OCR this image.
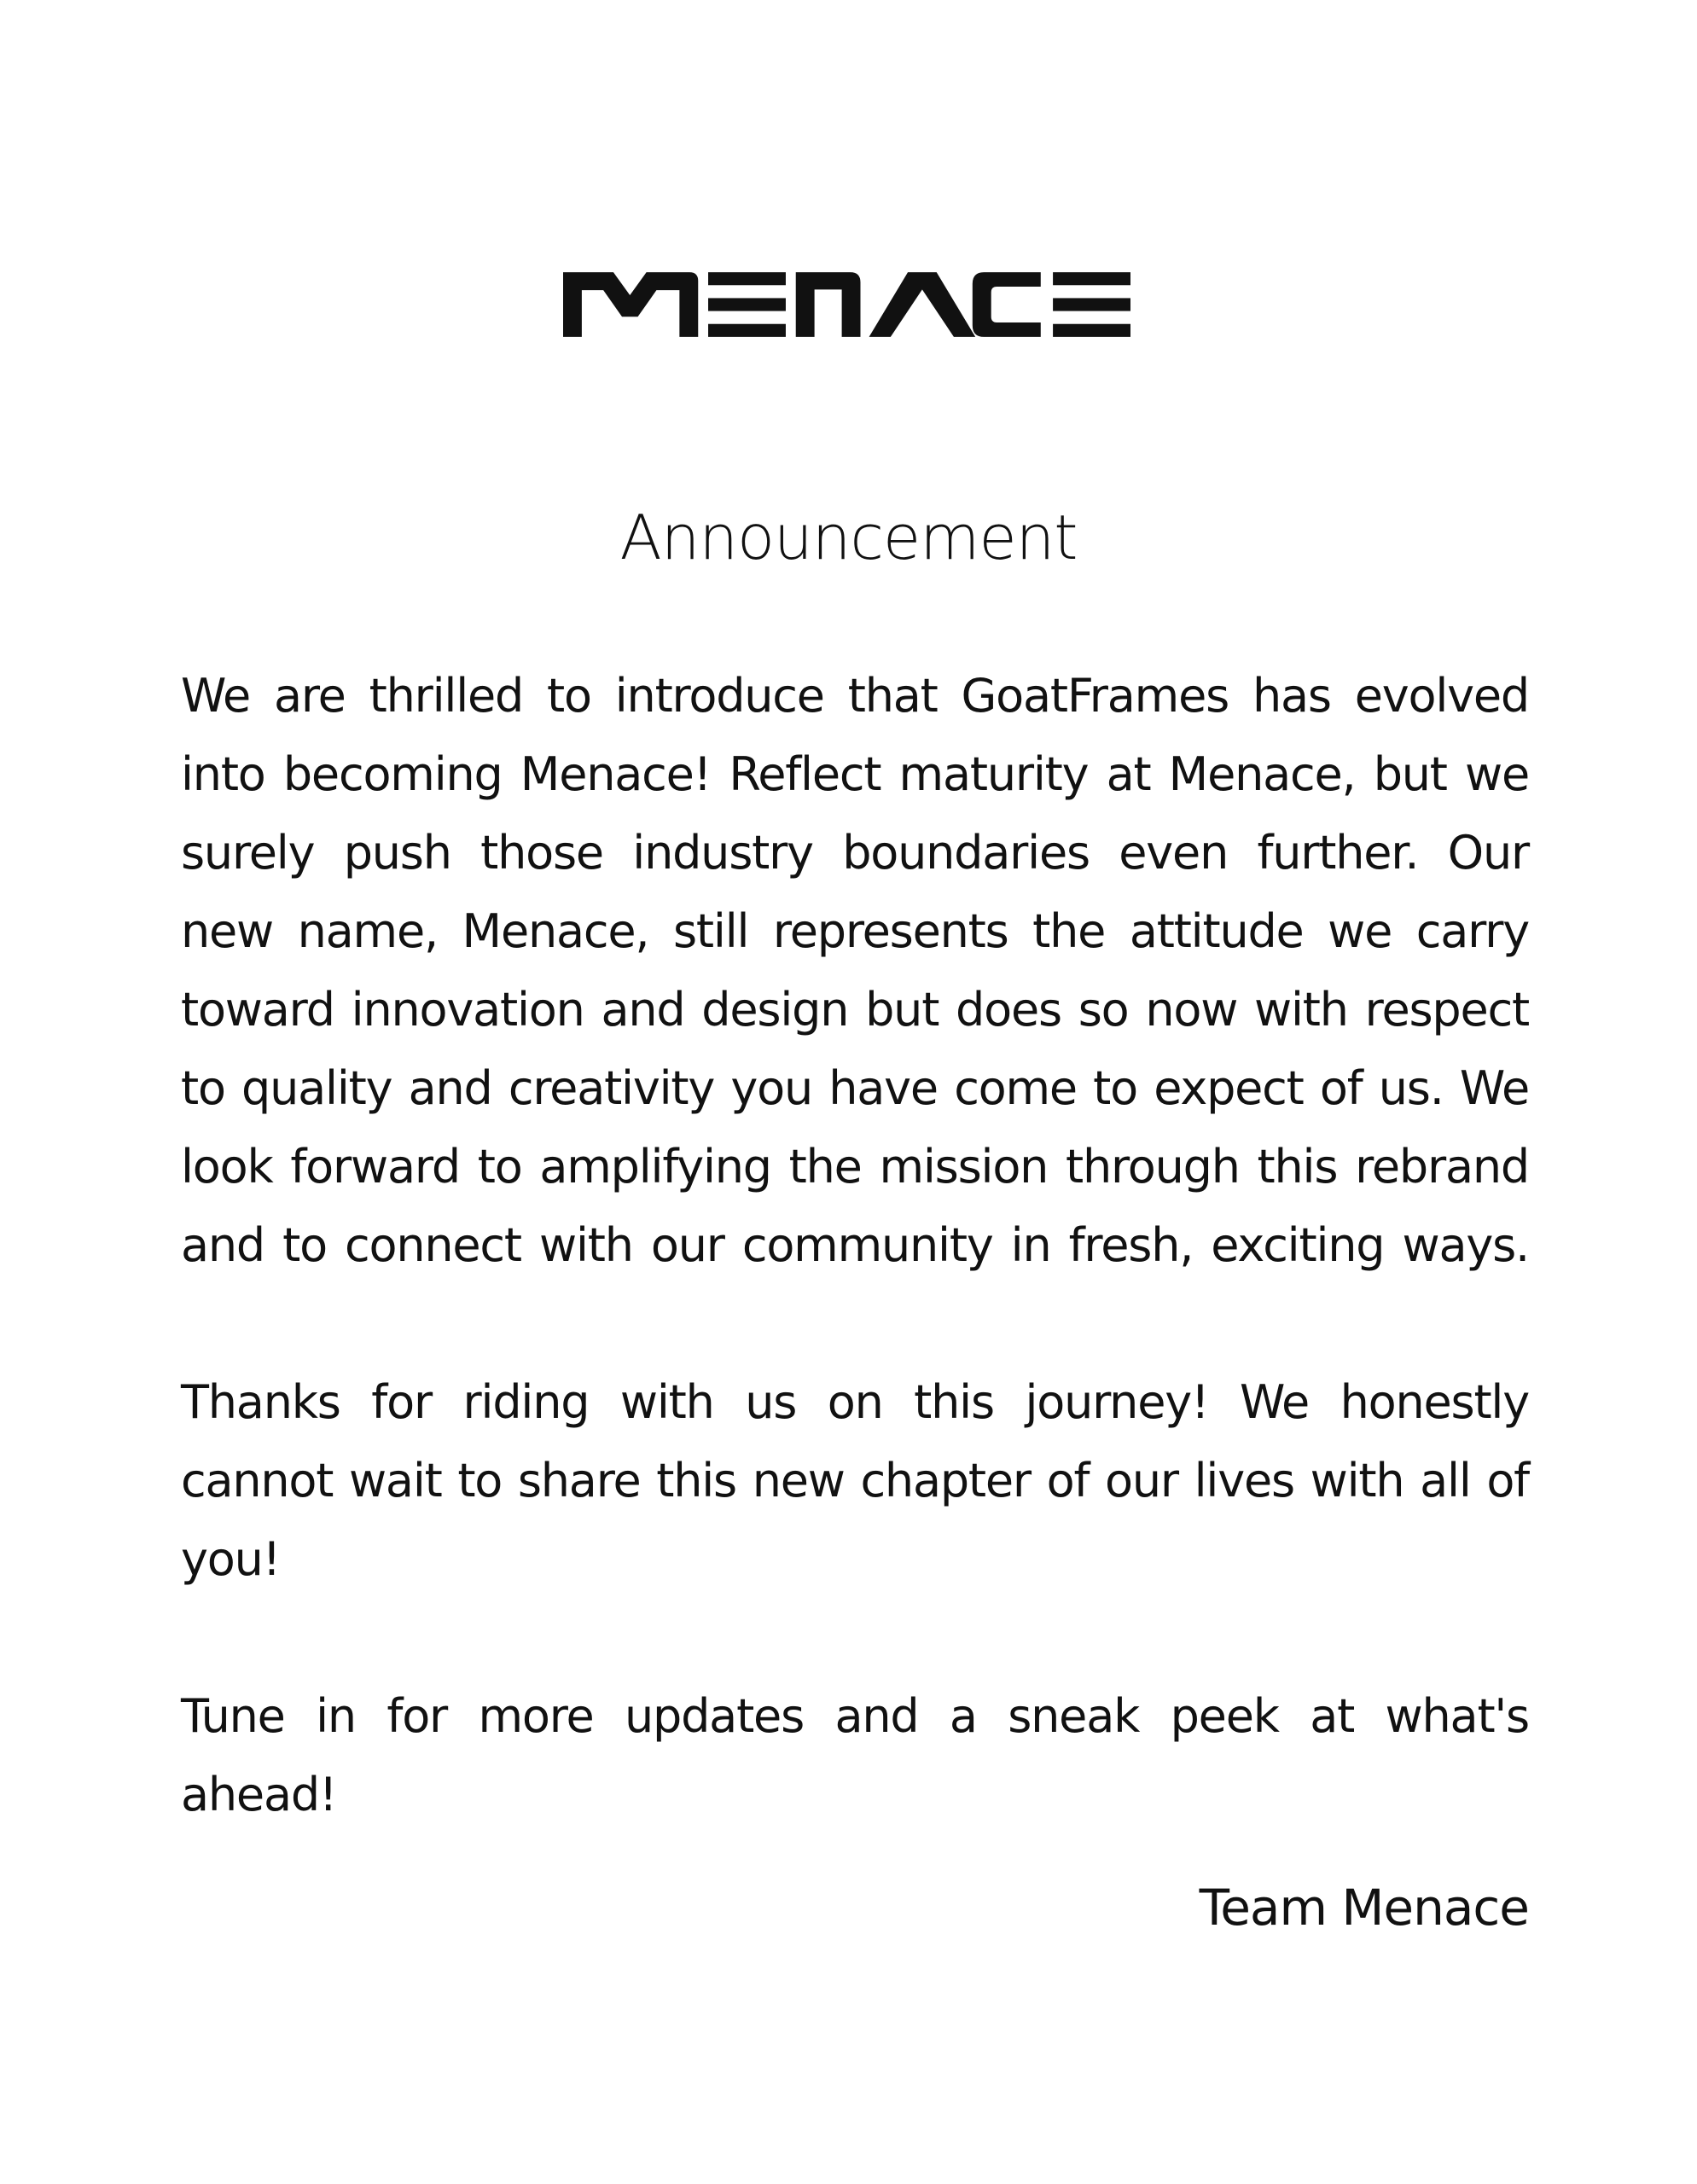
Announcement

We are thrilled to introduce that GoatFrames has evolved into becoming Menace! Reflect maturity at Menace, but we surely push those industry boundaries even further. Our new name, Menace, still represents the attitude we carry toward innovation and design but does so now with respect to quality and creativity you have come to expect of us. We look forward to amplifying the mission through this rebrand and to connect with our community in fresh, exciting ways.

Thanks for riding with us on this journey! We honestly cannot wait to share this new chapter of our lives with all of you!

Tune in for more updates and a sneak peek at what's ahead!

Team Menace
